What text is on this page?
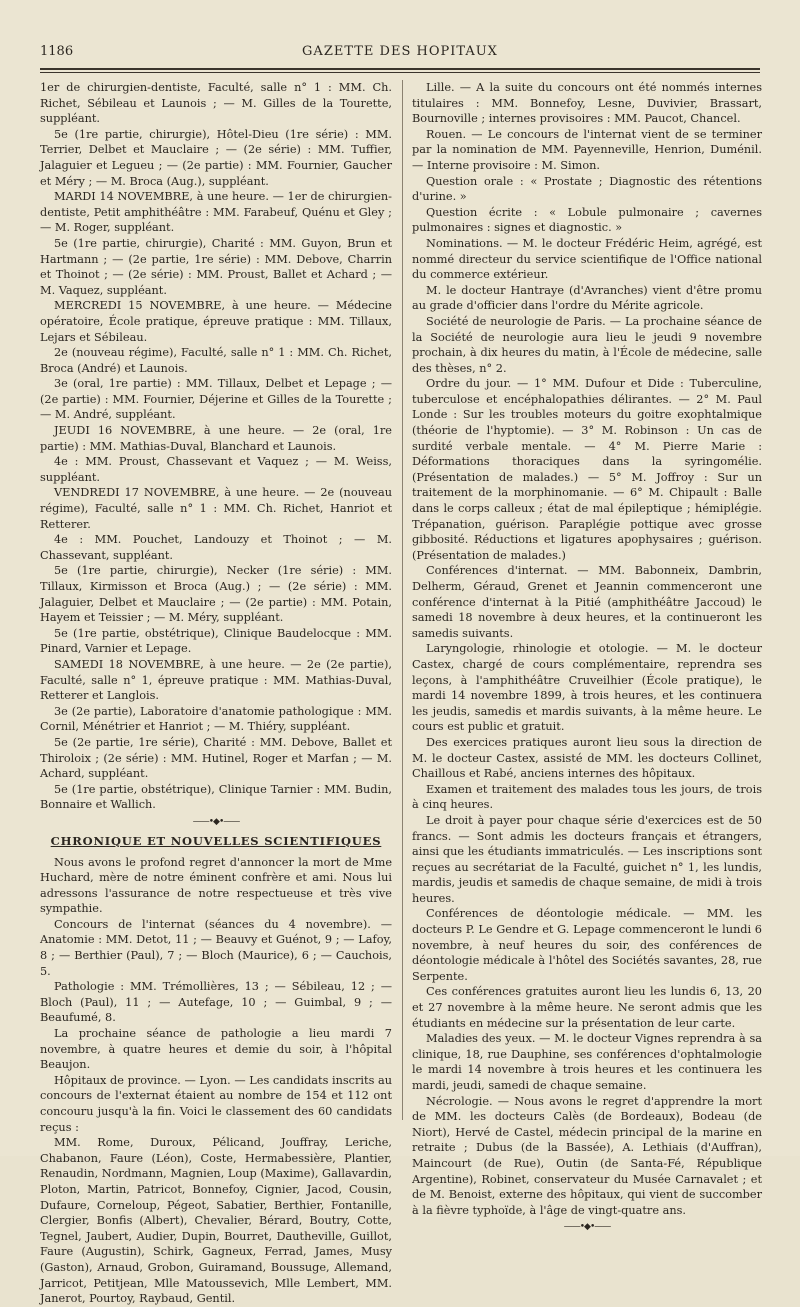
1186	GAZETTE DES HOPITAUX

1er de chirurgien-dentiste, Faculté, salle n° 1 : MM. Ch. Richet, Sébileau et Launois ; — M. Gilles de la Tourette, suppléant.

5e (1re partie, chirurgie), Hôtel-Dieu (1re série) : MM. Terrier, Delbet et Mauclaire ; — (2e série) : MM. Tuffier, Jalaguier et Legueu ; — (2e partie) : MM. Fournier, Gaucher et Méry ; — M. Broca (Aug.), suppléant.

MARDI 14 NOVEMBRE, à une heure. — 1er de chirurgien-dentiste, Petit amphithéâtre : MM. Farabeuf, Quénu et Gley ; — M. Roger, suppléant.

5e (1re partie, chirurgie), Charité : MM. Guyon, Brun et Hartmann ; — (2e partie, 1re série) : MM. Debove, Charrin et Thoinot ; — (2e série) : MM. Proust, Ballet et Achard ; — M. Vaquez, suppléant.

MERCREDI 15 NOVEMBRE, à une heure. — Médecine opératoire, École pratique, épreuve pratique : MM. Tillaux, Lejars et Sébileau.

2e (nouveau régime), Faculté, salle n° 1 : MM. Ch. Richet, Broca (André) et Launois.

3e (oral, 1re partie) : MM. Tillaux, Delbet et Lepage ; — (2e partie) : MM. Fournier, Déjerine et Gilles de la Tourette ; — M. André, suppléant.

JEUDI 16 NOVEMBRE, à une heure. — 2e (oral, 1re partie) : MM. Mathias-Duval, Blanchard et Launois.

4e : MM. Proust, Chassevant et Vaquez ; — M. Weiss, suppléant.

VENDREDI 17 NOVEMBRE, à une heure. — 2e (nouveau régime), Faculté, salle n° 1 : MM. Ch. Richet, Hanriot et Retterer.

4e : MM. Pouchet, Landouzy et Thoinot ; — M. Chassevant, suppléant.

5e (1re partie, chirurgie), Necker (1re série) : MM. Tillaux, Kirmisson et Broca (Aug.) ; — (2e série) : MM. Jalaguier, Delbet et Mauclaire ; — (2e partie) : MM. Potain, Hayem et Teissier ; — M. Méry, suppléant.

5e (1re partie, obstétrique), Clinique Baudelocque : MM. Pinard, Varnier et Lepage.

SAMEDI 18 NOVEMBRE, à une heure. — 2e (2e partie), Faculté, salle n° 1, épreuve pratique : MM. Mathias-Duval, Retterer et Langlois.

3e (2e partie), Laboratoire d'anatomie pathologique : MM. Cornil, Ménétrier et Hanriot ; — M. Thiéry, suppléant.

5e (2e partie, 1re série), Charité : MM. Debove, Ballet et Thiroloix ; (2e série) : MM. Hutinel, Roger et Marfan ; — M. Achard, suppléant.

5e (1re partie, obstétrique), Clinique Tarnier : MM. Budin, Bonnaire et Wallich.

——•◆•——
CHRONIQUE ET NOUVELLES SCIENTIFIQUES

Nous avons le profond regret d'annoncer la mort de Mme Huchard, mère de notre éminent confrère et ami. Nous lui adressons l'assurance de notre respectueuse et très vive sympathie.

Concours de l'internat (séances du 4 novembre). — Anatomie : MM. Detot, 11 ; — Beauvy et Guénot, 9 ; — Lafoy, 8 ; — Berthier (Paul), 7 ; — Bloch (Maurice), 6 ; — Cauchois, 5.

Pathologie : MM. Trémollières, 13 ; — Sébileau, 12 ; — Bloch (Paul), 11 ; — Autefage, 10 ; — Guimbal, 9 ; — Beaufumé, 8.

La prochaine séance de pathologie a lieu mardi 7 novembre, à quatre heures et demie du soir, à l'hôpital Beaujon.

Hôpitaux de province. — Lyon. — Les candidats inscrits au concours de l'externat étaient au nombre de 154 et 112 ont concouru jusqu'à la fin. Voici le classement des 60 candidats reçus :

MM. Rome, Duroux, Pélicand, Jouffray, Leriche, Chabanon, Faure (Léon), Coste, Hermabessière, Plantier, Renaudin, Nordmann, Magnien, Loup (Maxime), Gallavardin, Ploton, Martin, Patricot, Bonnefoy, Cignier, Jacod, Cousin, Dufaure, Corneloup, Pégeot, Sabatier, Berthier, Fontanille, Clergier, Bonfis (Albert), Chevalier, Bérard, Boutry, Cotte, Tegnel, Jaubert, Audier, Dupin, Bourret, Dautheville, Guillot, Faure (Augustin), Schirk, Gagneux, Ferrad, James, Musy (Gaston), Arnaud, Grobon, Guiramand, Boussuge, Allemand, Jarricot, Petitjean, Mlle Matoussevich, Mlle Lembert, MM. Janerot, Pourtoy, Raybaud, Gentil.

Lille. — A la suite du concours ont été nommés internes titulaires : MM. Bonnefoy, Lesne, Duvivier, Brassart, Bournoville ; internes provisoires : MM. Paucot, Chancel.

Rouen. — Le concours de l'internat vient de se terminer par la nomination de MM. Payenneville, Henrion, Duménil. — Interne provisoire : M. Simon.

Question orale : « Prostate ; Diagnostic des rétentions d'urine. »

Question écrite : « Lobule pulmonaire ; cavernes pulmonaires : signes et diagnostic. »

Nominations. — M. le docteur Frédéric Heim, agrégé, est nommé directeur du service scientifique de l'Office national du commerce extérieur.

M. le docteur Hantraye (d'Avranches) vient d'être promu au grade d'officier dans l'ordre du Mérite agricole.

Société de neurologie de Paris. — La prochaine séance de la Société de neurologie aura lieu le jeudi 9 novembre prochain, à dix heures du matin, à l'École de médecine, salle des thèses, n° 2.

Ordre du jour. — 1° MM. Dufour et Dide : Tuberculine, tuberculose et encéphalopathies délirantes. — 2° M. Paul Londe : Sur les troubles moteurs du goitre exophtalmique (théorie de l'hyptomie). — 3° M. Robinson : Un cas de surdité verbale mentale. — 4° M. Pierre Marie : Déformations thoraciques dans la syringomélie. (Présentation de malades.) — 5° M. Joffroy : Sur un traitement de la morphinomanie. — 6° M. Chipault : Balle dans le corps calleux ; état de mal épileptique ; hémiplégie. Trépanation, guérison. Paraplégie pottique avec grosse gibbosité. Réductions et ligatures apophysaires ; guérison. (Présentation de malades.)

Conférences d'internat. — MM. Babonneix, Dambrin, Delherm, Géraud, Grenet et Jeannin commenceront une conférence d'internat à la Pitié (amphithéâtre Jaccoud) le samedi 18 novembre à deux heures, et la continueront les samedis suivants.

Laryngologie, rhinologie et otologie. — M. le docteur Castex, chargé de cours complémentaire, reprendra ses leçons, à l'amphithéâtre Cruveilhier (École pratique), le mardi 14 novembre 1899, à trois heures, et les continuera les jeudis, samedis et mardis suivants, à la même heure. Le cours est public et gratuit.

Des exercices pratiques auront lieu sous la direction de M. le docteur Castex, assisté de MM. les docteurs Collinet, Chaillous et Rabé, anciens internes des hôpitaux.

Examen et traitement des malades tous les jours, de trois à cinq heures.

Le droit à payer pour chaque série d'exercices est de 50 francs. — Sont admis les docteurs français et étrangers, ainsi que les étudiants immatriculés. — Les inscriptions sont reçues au secrétariat de la Faculté, guichet n° 1, les lundis, mardis, jeudis et samedis de chaque semaine, de midi à trois heures.

Conférences de déontologie médicale. — MM. les docteurs P. Le Gendre et G. Lepage commenceront le lundi 6 novembre, à neuf heures du soir, des conférences de déontologie médicale à l'hôtel des Sociétés savantes, 28, rue Serpente.

Ces conférences gratuites auront lieu les lundis 6, 13, 20 et 27 novembre à la même heure. Ne seront admis que les étudiants en médecine sur la présentation de leur carte.

Maladies des yeux. — M. le docteur Vignes reprendra à sa clinique, 18, rue Dauphine, ses conférences d'ophtalmologie le mardi 14 novembre à trois heures et les continuera les mardi, jeudi, samedi de chaque semaine.

Nécrologie. — Nous avons le regret d'apprendre la mort de MM. les docteurs Calès (de Bordeaux), Bodeau (de Niort), Hervé de Castel, médecin principal de la marine en retraite ; Dubus (de la Bassée), A. Lethiais (d'Auffran), Maincourt (de Rue), Outin (de Santa-Fé, République Argentine), Robinet, conservateur du Musée Carnavalet ; et de M. Benoist, externe des hôpitaux, qui vient de succomber à la fièvre typhoïde, à l'âge de vingt-quatre ans.

——•◆•——
